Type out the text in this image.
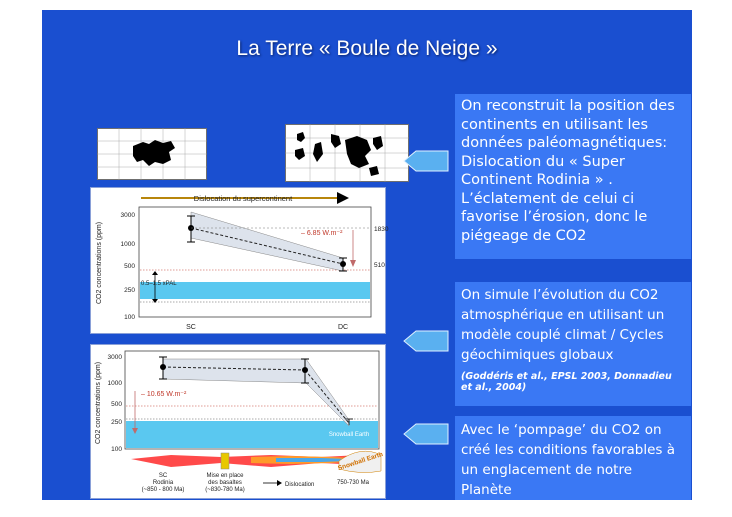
La Terre « Boule de Neige »

On reconstruit la position des continents en utilisant les données paléomagnétiques:

Dislocation du « Super Continent Rodinia » . L’éclatement de celui ci favorise l’érosion, donc le piégeage de CO2

On simule l’évolution du CO2 atmosphérique en utilisant un modèle couplé climat / Cycles géochimiques globaux

(Goddéris et al., EPSL 2003, Donnadieu et al., 2004)

Avec le ‘pompage’ du CO2 on créé les conditions favorables à un englacement de notre Planète
Dislocation du supercontinent
– 6.85 W.m⁻²
1830
510
3000
1000
500
250
100
CO2 concentrations (ppm)	0.5–1.5 xPAL
SC	DC
Snowball Earth
– 10.65 W.m⁻²
3000
1000
500
250
100
CO2 concentrations (ppm)
Snowball Earth
SC
Rodinia
(~850 - 800 Ma)
Mise en place
des basaltes
(~830-780 Ma)
Dislocation	750-730 Ma
